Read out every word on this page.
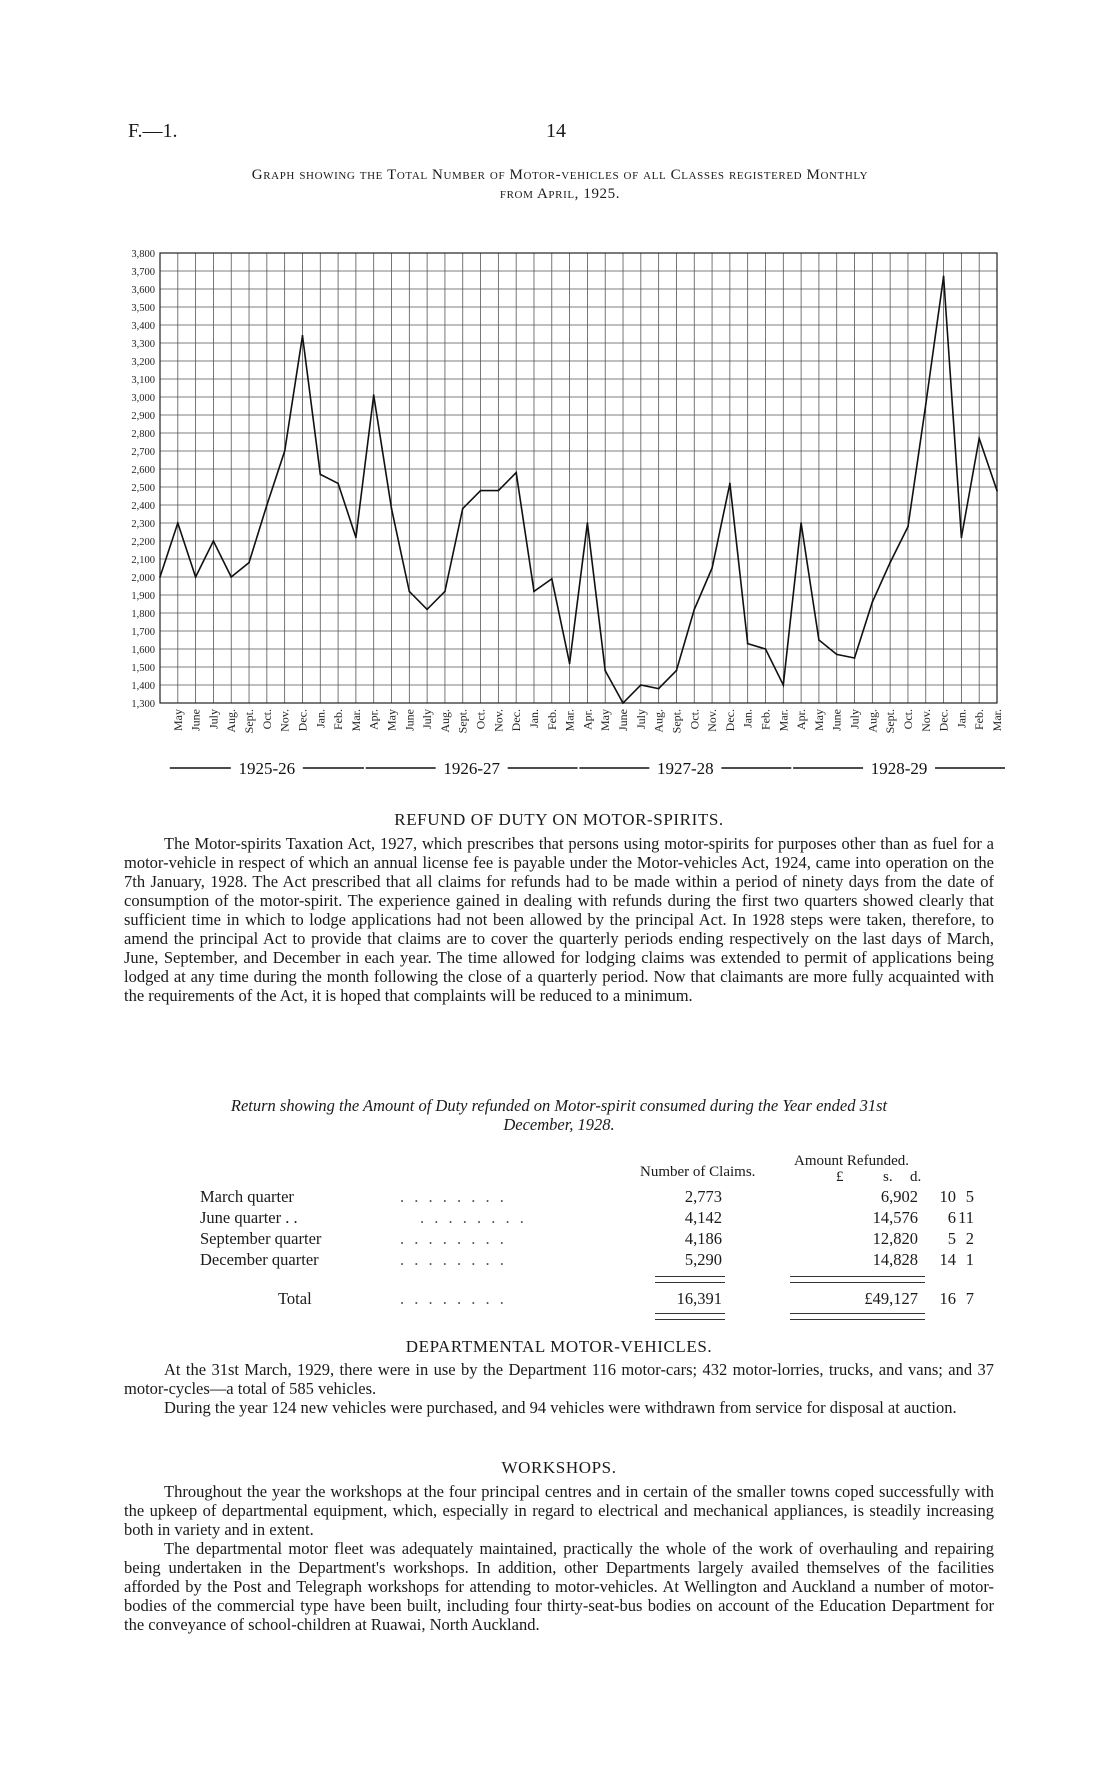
F.—1.	14
Graph showing the Total Number of Motor-vehicles of all Classes registered Monthly
from April, 1925.
3,800
3,700
3,600
3,500
3,400
3,300
3,200
3,100
3,000
2,900
2,800
2,700
2,600
2,500
2,400
2,300
2,200
2,100
2,000
1,900
1,800
1,700
1,600
1,500
1,400
1,300
May June July Aug. Sept. Oct. Nov. Dec. Jan. Feb. Mar. Apr. May June July Aug. Sept. Oct. Nov. Dec. Jan. Feb. Mar. Apr. May June July Aug. Sept. Oct. Nov. Dec. Jan. Feb. Mar. Apr. May June July Aug. Sept. Oct. Nov. Dec. Jan. Feb. Mar.
1925-26	1926-27	1927-28	1928-29
REFUND OF DUTY ON MOTOR-SPIRITS.

The Motor-spirits Taxation Act, 1927, which prescribes that persons using motor-spirits for purposes other than as fuel for a motor-vehicle in respect of which an annual license fee is payable under the Motor-vehicles Act, 1924, came into operation on the 7th January, 1928. The Act prescribed that all claims for refunds had to be made within a period of ninety days from the date of consumption of the motor-spirit. The experience gained in dealing with refunds during the first two quarters showed clearly that sufficient time in which to lodge applications had not been allowed by the principal Act. In 1928 steps were taken, therefore, to amend the principal Act to provide that claims are to cover the quarterly periods ending respectively on the last days of March, June, September, and December in each year. The time allowed for lodging claims was extended to permit of applications being lodged at any time during the month following the close of a quarterly period. Now that claimants are more fully acquainted with the requirements of the Act, it is hoped that complaints will be reduced to a minimum.

Return showing the Amount of Duty refunded on Motor-spirit consumed during the Year ended 31st
December, 1928.
Number of Claims.
Amount Refunded.
£	s. d.
March quarter	. . . . . . . .	2,773	6,902 10 5
June quarter . .	. . . . . . . .	4,142	14,576 6 11
September quarter	. . . . . . . .	4,186	12,820 5 2
December quarter	. . . . . . . .	5,290	14,828 14 1
Total	. . . . . . . .	16,391	£49,127 16 7
DEPARTMENTAL MOTOR-VEHICLES.

At the 31st March, 1929, there were in use by the Department 116 motor-cars; 432 motor-lorries, trucks, and vans; and 37 motor-cycles—a total of 585 vehicles.

During the year 124 new vehicles were purchased, and 94 vehicles were withdrawn from service for disposal at auction.

WORKSHOPS.

Throughout the year the workshops at the four principal centres and in certain of the smaller towns coped successfully with the upkeep of departmental equipment, which, especially in regard to electrical and mechanical appliances, is steadily increasing both in variety and in extent.

The departmental motor fleet was adequately maintained, practically the whole of the work of overhauling and repairing being undertaken in the Department's workshops. In addition, other Departments largely availed themselves of the facilities afforded by the Post and Telegraph workshops for attending to motor-vehicles. At Wellington and Auckland a number of motor-bodies of the commercial type have been built, including four thirty-seat-bus bodies on account of the Education Department for the conveyance of school-children at Ruawai, North Auckland.
